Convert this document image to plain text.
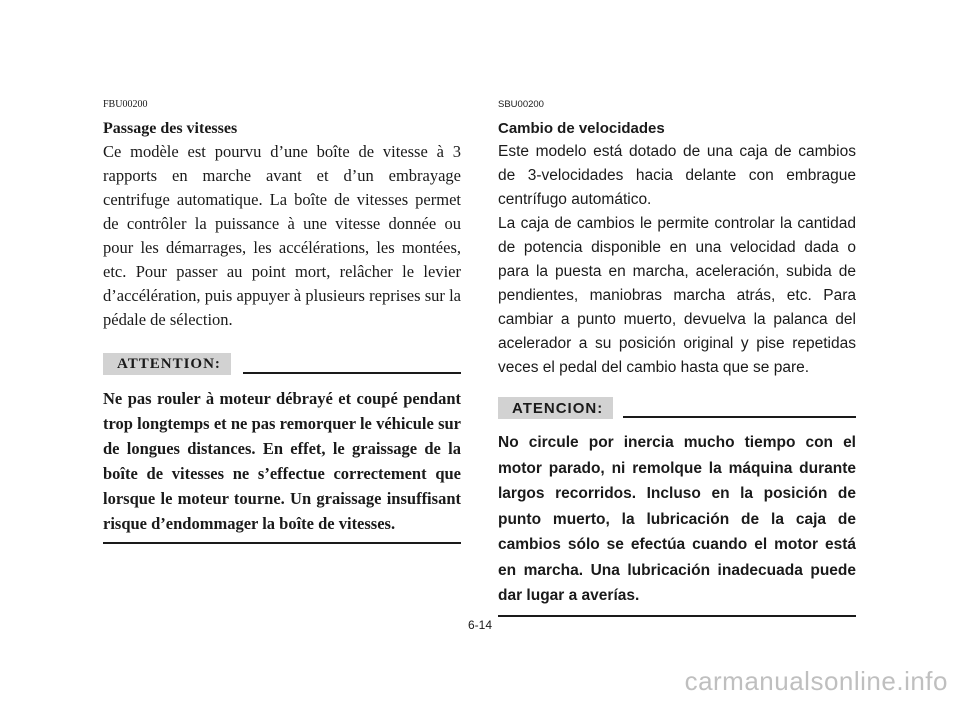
FBU00200

Passage des vitesses

Ce modèle est pourvu d’une boîte de vitesse à 3 rapports en marche avant et d’un embrayage centrifuge automatique. La boîte de vitesses permet de contrôler la puissance à une vitesse donnée ou pour les démarrages, les accélérations, les montées, etc. Pour passer au point mort, relâcher le levier d’accélération, puis appuyer à plusieurs reprises sur la pédale de sélection.

ATTENTION:

Ne pas rouler à moteur débrayé et coupé pendant trop longtemps et ne pas remorquer le véhicule sur de longues distances. En effet, le graissage de la boîte de vitesses ne s’effectue correctement que lorsque le moteur tourne. Un graissage insuffisant risque d’endommager la boîte de vitesses.

SBU00200

Cambio de velocidades

Este modelo está dotado de una caja de cambios de 3-velocidades hacia delante con embrague centrífugo automático.

La caja de cambios le permite controlar la cantidad de potencia disponible en una velocidad dada o para la puesta en marcha, aceleración, subida de pendientes, maniobras marcha atrás, etc. Para cambiar a punto muerto, devuelva la palanca del acelerador a su posición original y pise repetidas veces el pedal del cambio hasta que se pare.

ATENCION:

No circule por inercia mucho tiempo con el motor parado, ni remolque la máquina durante largos recorridos. Incluso en la posición de punto muerto, la lubricación de la caja de cambios sólo se efectúa cuando el motor está en marcha. Una lubricación inadecuada puede dar lugar a averías.

6-14
carmanualsonline.info
